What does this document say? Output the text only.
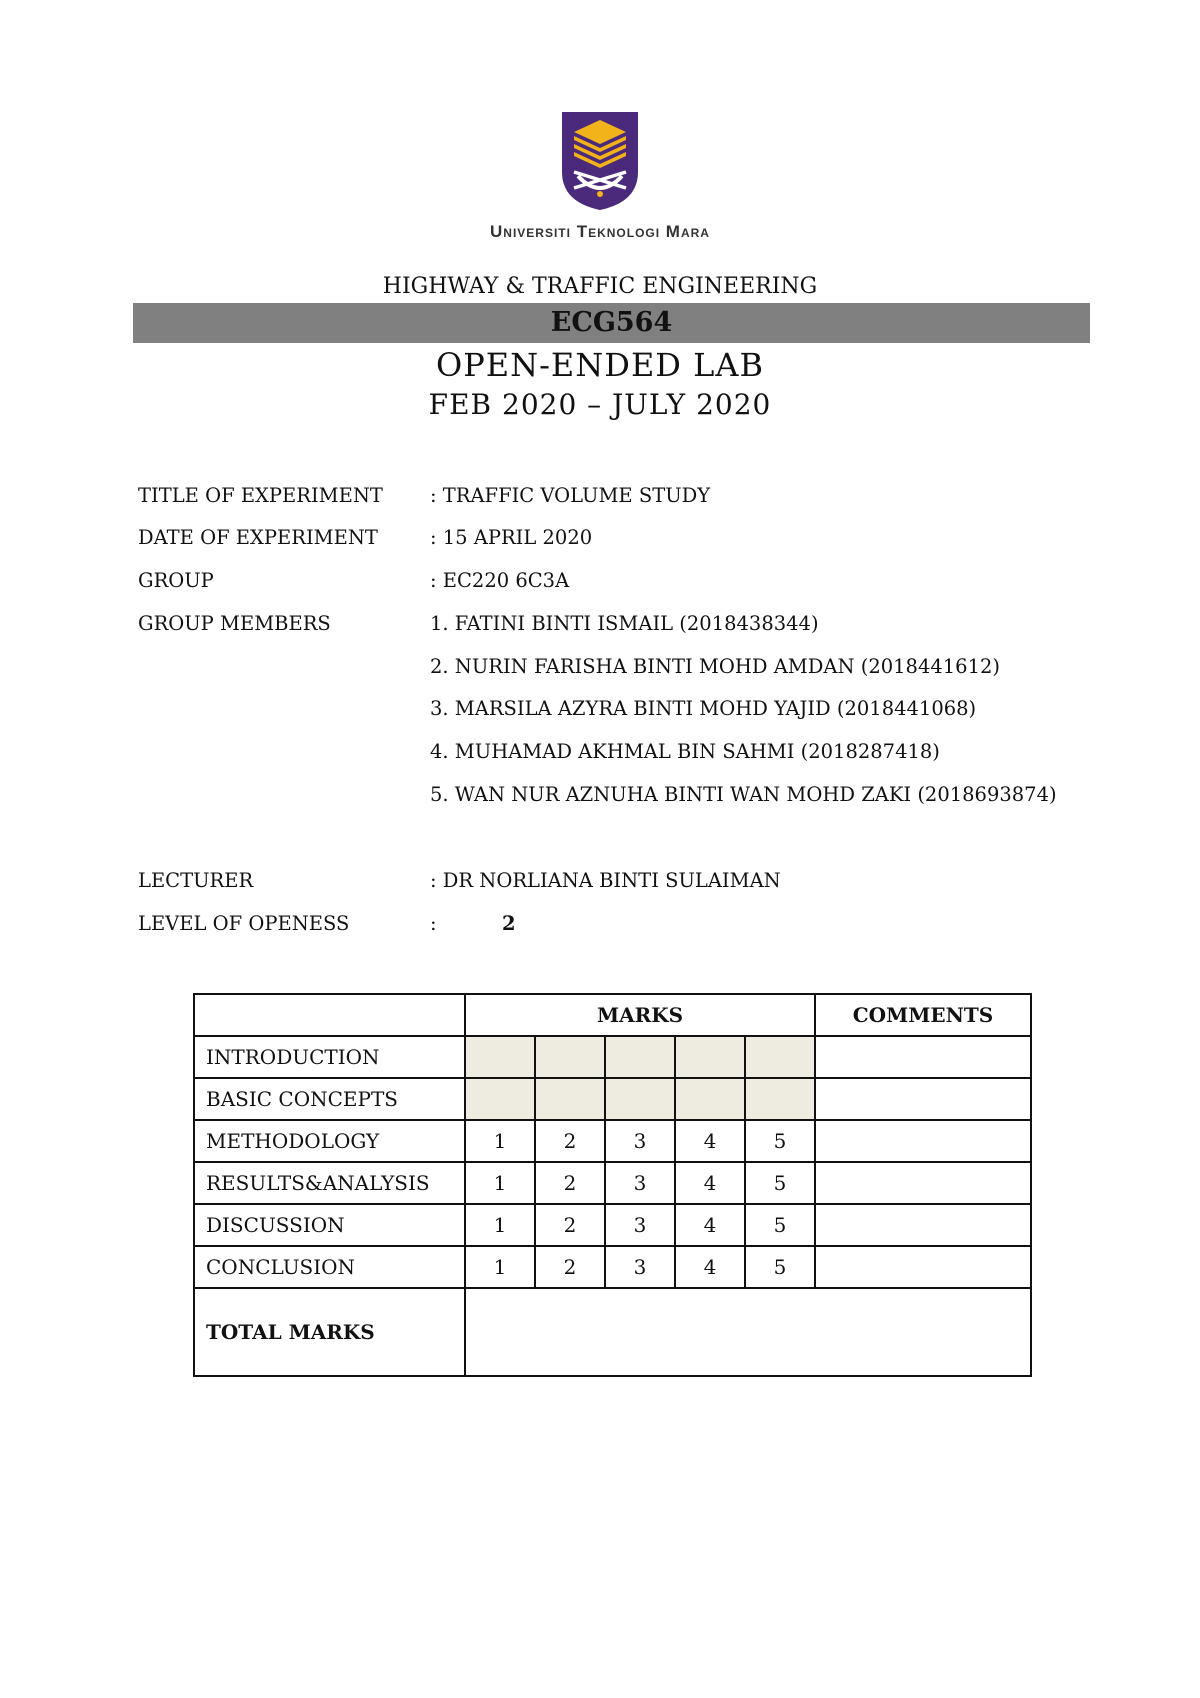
Universiti Teknologi Mara
HIGHWAY & TRAFFIC ENGINEERING
ECG564
OPEN-ENDED LAB
FEB 2020 – JULY 2020
TITLE OF EXPERIMENT : TRAFFIC VOLUME STUDY
DATE OF EXPERIMENT	: 15 APRIL 2020
GROUP	: EC220 6C3A
GROUP MEMBERS	1. FATINI BINTI ISMAIL (2018438344)
2. NURIN FARISHA BINTI MOHD AMDAN (2018441612)
3. MARSILA AZYRA BINTI MOHD YAJID (2018441068)
4. MUHAMAD AKHMAL BIN SAHMI (2018287418)
5. WAN NUR AZNUHA BINTI WAN MOHD ZAKI (2018693874)
LECTURER	: DR NORLIANA BINTI SULAIMAN
LEVEL OF OPENESS	:	2
	MARKS					COMMENTS
INTRODUCTION						
BASIC CONCEPTS						
METHODOLOGY	1	2	3	4	5	
RESULTS&ANALYSIS	1	2	3	4	5	
DISCUSSION	1	2	3	4	5	
CONCLUSION	1	2	3	4	5	
TOTAL MARKS						
